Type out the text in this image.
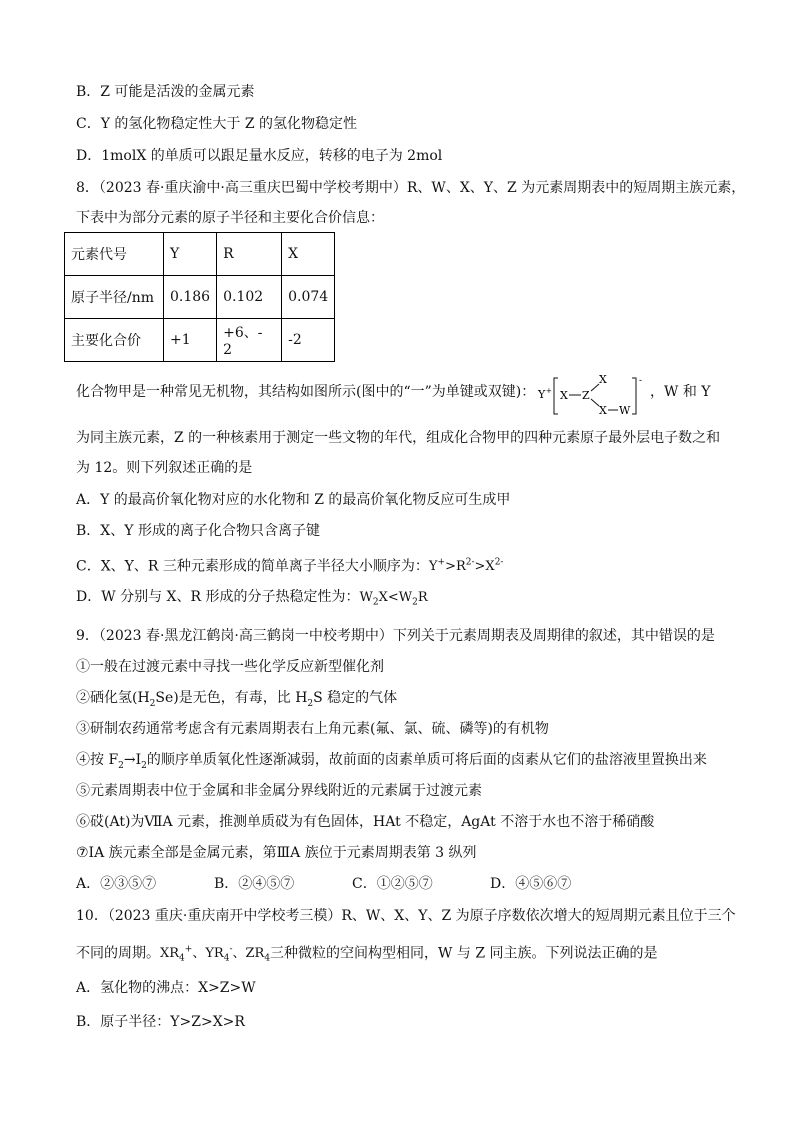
B．Z 可能是活泼的金属元素
C．Y 的氢化物稳定性大于 Z 的氢化物稳定性
D．1molX 的单质可以跟足量水反应，转移的电子为 2mol
8．（2023 春·重庆渝中·高三重庆巴蜀中学校考期中）R、W、X、Y、Z 为元素周期表中的短周期主族元素，
下表中为部分元素的原子半径和主要化合价信息：
元素代号	Y	R	X
原子半径/nm	0.186	0.102	0.074
主要化合价	+1	+6、- 2	-2
化合物甲是一种常见无机物，其结构如图所示(图中的“一”为单键或双键)： Y + X Z
X
X W
-
，W 和 Y
为同主族元素，Z 的一种核素用于测定一些文物的年代，组成化合物甲的四种元素原子最外层电子数之和
为 12。则下列叙述正确的是
A．Y 的最高价氧化物对应的水化物和 Z 的最高价氧化物反应可生成甲
B．X、Y 形成的离子化合物只含离子键
C．X、Y、R 三种元素形成的简单离子半径大小顺序为：$Y^+>R^{2-}>X^{2-}$
D．W 分别与 X、R 形成的分子热稳定性为：$W_2X<W_2R$
9．（2023 春·黑龙江鹤岗·高三鹤岗一中校考期中）下列关于元素周期表及周期律的叙述，其中错误的是
①一般在过渡元素中寻找一些化学反应新型催化剂
②硒化氢$(H_2Se)$是无色，有毒，比 $H_2S$ 稳定的气体
③研制农药通常考虑含有元素周期表右上角元素(氟、氯、硫、磷等)的有机物
④按 $F_2\to I_2$的顺序单质氧化性逐渐减弱，故前面的卤素单质可将后面的卤素从它们的盐溶液里置换出来
⑤元素周期表中位于金属和非金属分界线附近的元素属于过渡元素
⑥砹(At)为ⅦA 元素，推测单质砹为有色固体，HAt 不稳定，AgAt 不溶于水也不溶于稀硝酸
⑦ⅠA 族元素全部是金属元素，第ⅢA 族位于元素周期表第 3 纵列
A．②③⑤⑦	B．②④⑤⑦	C．①②⑤⑦	D．④⑤⑥⑦
10．（2023 重庆·重庆南开中学校考三模）R、W、X、Y、Z 为原子序数依次增大的短周期元素且位于三个
不同的周期。$XR_4^+$、$YR_4^-$、$ZR_4$三种微粒的空间构型相同，W 与 Z 同主族。下列说法正确的是
A．氢化物的沸点：X>Z>W
B．原子半径：Y>Z>X>R
